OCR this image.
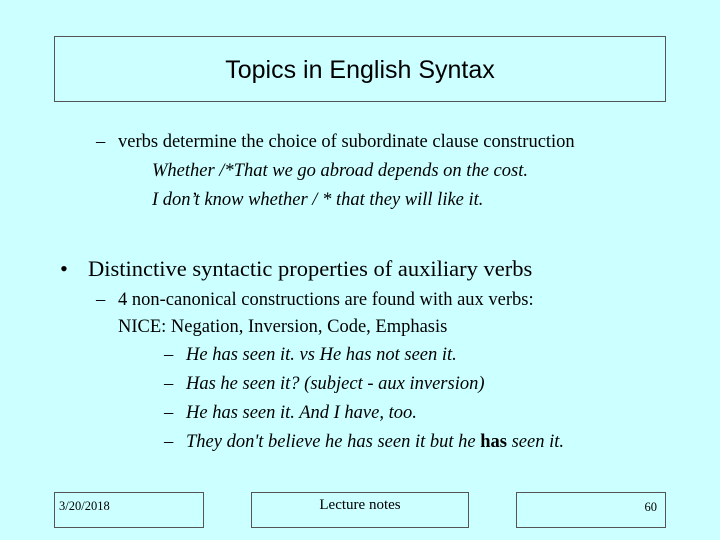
Topics in English Syntax
– verbs determine the choice of subordinate clause construction
Whether /*That we go abroad depends on the cost.
I don’t know whether / * that they will like it.
• Distinctive syntactic properties of auxiliary verbs
– 4 non-canonical constructions are found with aux verbs:
NICE: Negation, Inversion, Code, Emphasis
– He has seen it. vs He has not seen it.
– Has he seen it? (subject - aux inversion)
– He has seen it. And I have, too.
– They don't believe he has seen it but he has seen it.
3/20/2018	Lecture notes	60
